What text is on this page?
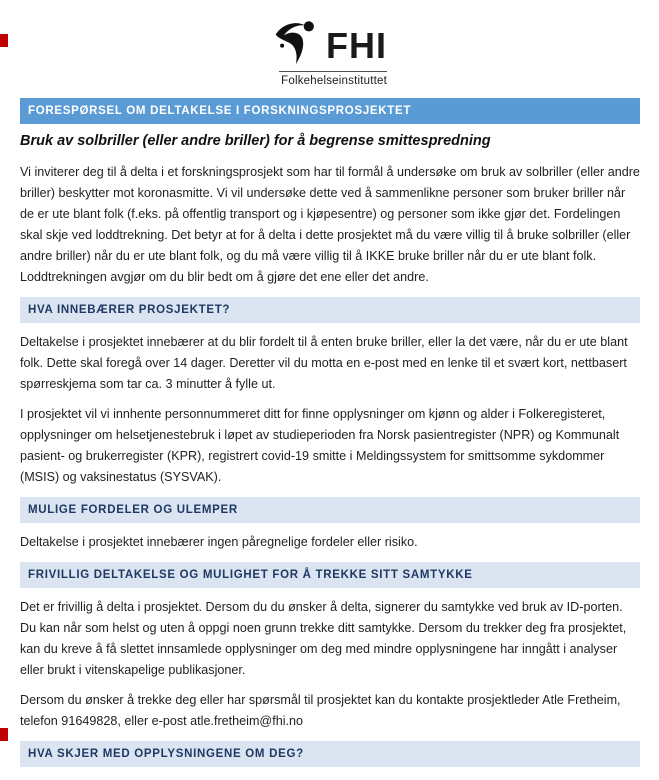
FHI
Folkehelseinstituttet
FORESPØRSEL OM DELTAKELSE I FORSKNINGSPROSJEKTET
Bruk av solbriller (eller andre briller) for å begrense smittespredning

Vi inviterer deg til å delta i et forskningsprosjekt som har til formål å undersøke om bruk av solbriller (eller andre briller) beskytter mot koronasmitte. Vi vil undersøke dette ved å sammenlikne personer som bruker briller når de er ute blant folk (f.eks. på offentlig transport og i kjøpesentre) og personer som ikke gjør det. Fordelingen skal skje ved loddtrekning. Det betyr at for å delta i dette prosjektet må du være villig til å bruke solbriller (eller andre briller) når du er ute blant folk, og du må være villig til å IKKE bruke briller når du er ute blant folk. Loddtrekningen avgjør om du blir bedt om å gjøre det ene eller det andre.

HVA INNEBÆRER PROSJEKTET?

Deltakelse i prosjektet innebærer at du blir fordelt til å enten bruke briller, eller la det være, når du er ute blant folk. Dette skal foregå over 14 dager. Deretter vil du motta en e-post med en lenke til et svært kort, nettbasert spørreskjema som tar ca. 3 minutter å fylle ut.

I prosjektet vil vi innhente personnummeret ditt for finne opplysninger om kjønn og alder i Folkeregisteret, opplysninger om helsetjenestebruk i løpet av studieperioden fra Norsk pasientregister (NPR) og Kommunalt pasient- og brukerregister (KPR), registrert covid-19 smitte i Meldingssystem for smittsomme sykdommer (MSIS) og vaksinestatus (SYSVAK).

MULIGE FORDELER OG ULEMPER

Deltakelse i prosjektet innebærer ingen påregnelige fordeler eller risiko.

FRIVILLIG DELTAKELSE OG MULIGHET FOR Å TREKKE SITT SAMTYKKE

Det er frivillig å delta i prosjektet. Dersom du du ønsker å delta, signerer du samtykke ved bruk av ID-porten. Du kan når som helst og uten å oppgi noen grunn trekke ditt samtykke. Dersom du trekker deg fra prosjektet, kan du kreve å få slettet innsamlede opplysninger om deg med mindre opplysningene har inngått i analyser eller brukt i vitenskapelige publikasjoner.

Dersom du ønsker å trekke deg eller har spørsmål til prosjektet kan du kontakte prosjektleder Atle Fretheim, telefon 91649828, eller e-post atle.fretheim@fhi.no

HVA SKJER MED OPPLYSNINGENE OM DEG?
